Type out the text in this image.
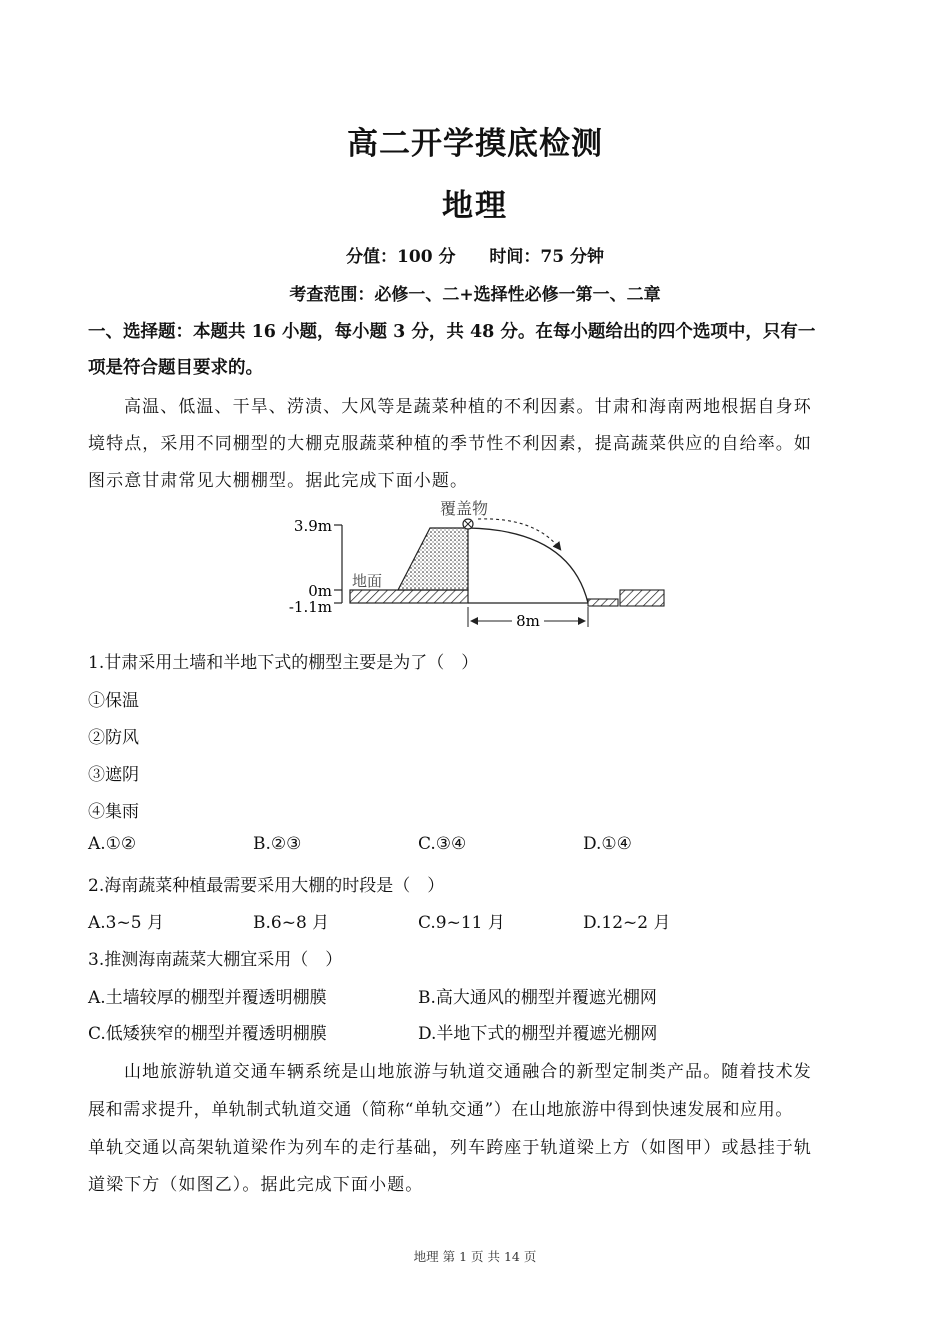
高二开学摸底检测
地理
分值：100 分 时间：75 分钟
考查范围：必修一、二+选择性必修一第一、二章
一、选择题：本题共 16 小题，每小题 3 分，共 48 分。在每小题给出的四个选项中，只有一
项是符合题目要求的。
高温、低温、干旱、涝渍、大风等是蔬菜种植的不利因素。甘肃和海南两地根据自身环
境特点，采用不同棚型的大棚克服蔬菜种植的季节性不利因素，提高蔬菜供应的自给率。如
图示意甘肃常见大棚棚型。据此完成下面小题。
3.9m
0m
-1.1m
地面
覆盖物
8m
1.甘肃采用土墙和半地下式的棚型主要是为了（　）
①保温
②防风
③遮阴
④集雨
A.①②	B.②③	C.③④	D.①④
2.海南蔬菜种植最需要采用大棚的时段是（　）
A.3~5 月	B.6~8 月	C.9~11 月	D.12~2 月
3.推测海南蔬菜大棚宜采用（　）
A.土墙较厚的棚型并覆透明棚膜	B.高大通风的棚型并覆遮光棚网
C.低矮狭窄的棚型并覆透明棚膜	D.半地下式的棚型并覆遮光棚网
山地旅游轨道交通车辆系统是山地旅游与轨道交通融合的新型定制类产品。随着技术发
展和需求提升，单轨制式轨道交通（简称“单轨交通”）在山地旅游中得到快速发展和应用。
单轨交通以高架轨道梁作为列车的走行基础，列车跨座于轨道梁上方（如图甲）或悬挂于轨
道梁下方（如图乙）。据此完成下面小题。
地理 第 1 页 共 14 页
